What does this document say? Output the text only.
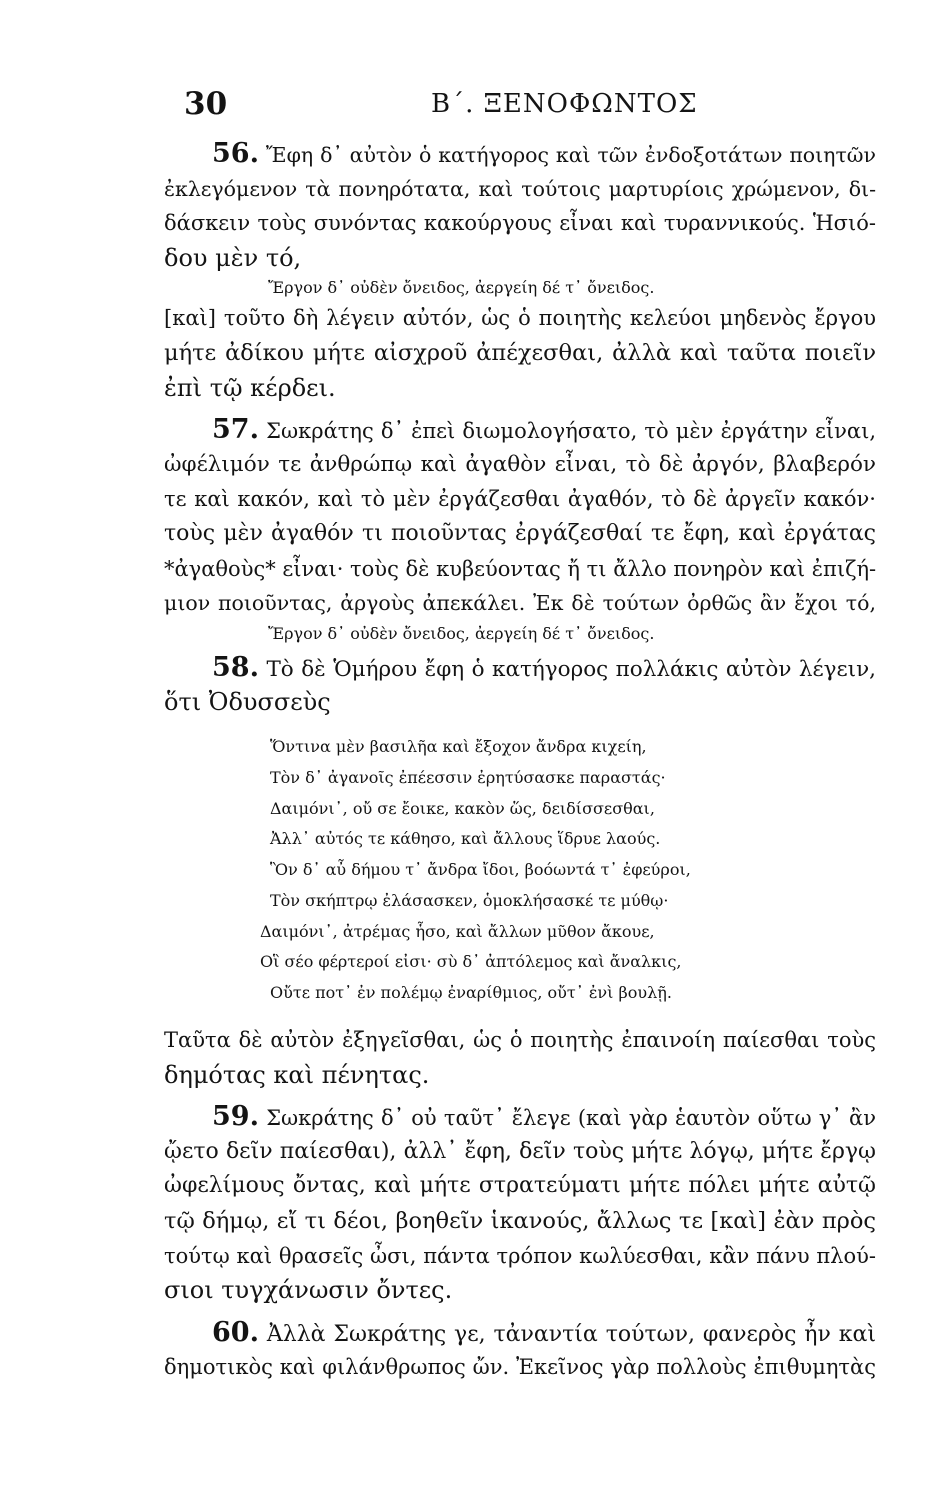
30	Β΄. ΞΕΝΟΦΩΝΤΟΣ
56. Ἔφη δ᾽ αὐτὸν ὁ κατήγορος καὶ τῶν ἐνδοξοτάτων ποιητῶν
ἐκλεγόμενον τὰ πονηρότατα, καὶ τούτοις μαρτυρίοις χρώμενον, δι-
δάσκειν τοὺς συνόντας κακούργους εἶναι καὶ τυραννικούς. Ἡσιό-
δου μὲν τό,
Ἔργον δ᾽ οὐδὲν ὄνειδος, ἀεργείη δέ τ᾽ ὄνειδος.
[καὶ] τοῦτο δὴ λέγειν αὐτόν, ὡς ὁ ποιητὴς κελεύοι μηδενὸς ἔργου
μήτε ἀδίκου μήτε αἰσχροῦ ἀπέχεσθαι, ἀλλὰ καὶ ταῦτα ποιεῖν
ἐπὶ τῷ κέρδει.
57. Σωκράτης δ᾽ ἐπεὶ διωμολογήσατο, τὸ μὲν ἐργάτην εἶναι,
ὠφέλιμόν τε ἀνθρώπῳ καὶ ἀγαθὸν εἶναι, τὸ δὲ ἀργόν, βλαβερόν
τε καὶ κακόν, καὶ τὸ μὲν ἐργάζεσθαι ἀγαθόν, τὸ δὲ ἀργεῖν κακόν·
τοὺς μὲν ἀγαθόν τι ποιοῦντας ἐργάζεσθαί τε ἔφη, καὶ ἐργάτας
*ἀγαθοὺς* εἶναι· τοὺς δὲ κυβεύοντας ἤ τι ἄλλο πονηρὸν καὶ ἐπιζή-
μιον ποιοῦντας, ἀργοὺς ἀπεκάλει. Ἐκ δὲ τούτων ὀρθῶς ἂν ἔχοι τό,
Ἔργον δ᾽ οὐδὲν ὄνειδος, ἀεργείη δέ τ᾽ ὄνειδος.
58. Τὸ δὲ Ὁμήρου ἔφη ὁ κατήγορος πολλάκις αὐτὸν λέγειν,
ὅτι Ὀδυσσεὺς
Ὅντινα μὲν βασιλῆα καὶ ἔξοχον ἄνδρα κιχείη,
Τὸν δ᾽ ἀγανοῖς ἐπέεσσιν ἐρητύσασκε παραστάς·
Δαιμόνι᾽, οὔ σε ἔοικε, κακὸν ὥς, δειδίσσεσθαι,
Ἀλλ᾽ αὐτός τε κάθησο, καὶ ἄλλους ἵδρυε λαούς.
Ὃν δ᾽ αὖ δήμου τ᾽ ἄνδρα ἴδοι, βοόωντά τ᾽ ἐφεύροι,
Τὸν σκήπτρῳ ἐλάσασκεν, ὁμοκλήσασκέ τε μύθῳ·
Δαιμόνι᾽, ἀτρέμας ἧσο, καὶ ἄλλων μῦθον ἄκουε,
Οἳ σέο φέρτεροί εἰσι· σὺ δ᾽ ἀπτόλεμος καὶ ἄναλκις,
Οὔτε ποτ᾽ ἐν πολέμῳ ἐναρίθμιος, οὔτ᾽ ἐνὶ βουλῇ.
Ταῦτα δὲ αὐτὸν ἐξηγεῖσθαι, ὡς ὁ ποιητὴς ἐπαινοίη παίεσθαι τοὺς
δημότας καὶ πένητας.
59. Σωκράτης δ᾽ οὐ ταῦτ᾽ ἔλεγε (καὶ γὰρ ἑαυτὸν οὕτω γ᾽ ἂν
ᾤετο δεῖν παίεσθαι), ἀλλ᾽ ἔφη, δεῖν τοὺς μήτε λόγῳ, μήτε ἔργῳ
ὠφελίμους ὄντας, καὶ μήτε στρατεύματι μήτε πόλει μήτε αὐτῷ
τῷ δήμῳ, εἴ τι δέοι, βοηθεῖν ἱκανούς, ἄλλως τε [καὶ] ἐὰν πρὸς
τούτῳ καὶ θρασεῖς ὦσι, πάντα τρόπον κωλύεσθαι, κἂν πάνυ πλού-
σιοι τυγχάνωσιν ὄντες.
60. Ἀλλὰ Σωκράτης γε, τἀναντία τούτων, φανερὸς ἦν καὶ
δημοτικὸς καὶ φιλάνθρωπος ὤν. Ἐκεῖνος γὰρ πολλοὺς ἐπιθυμητὰς
